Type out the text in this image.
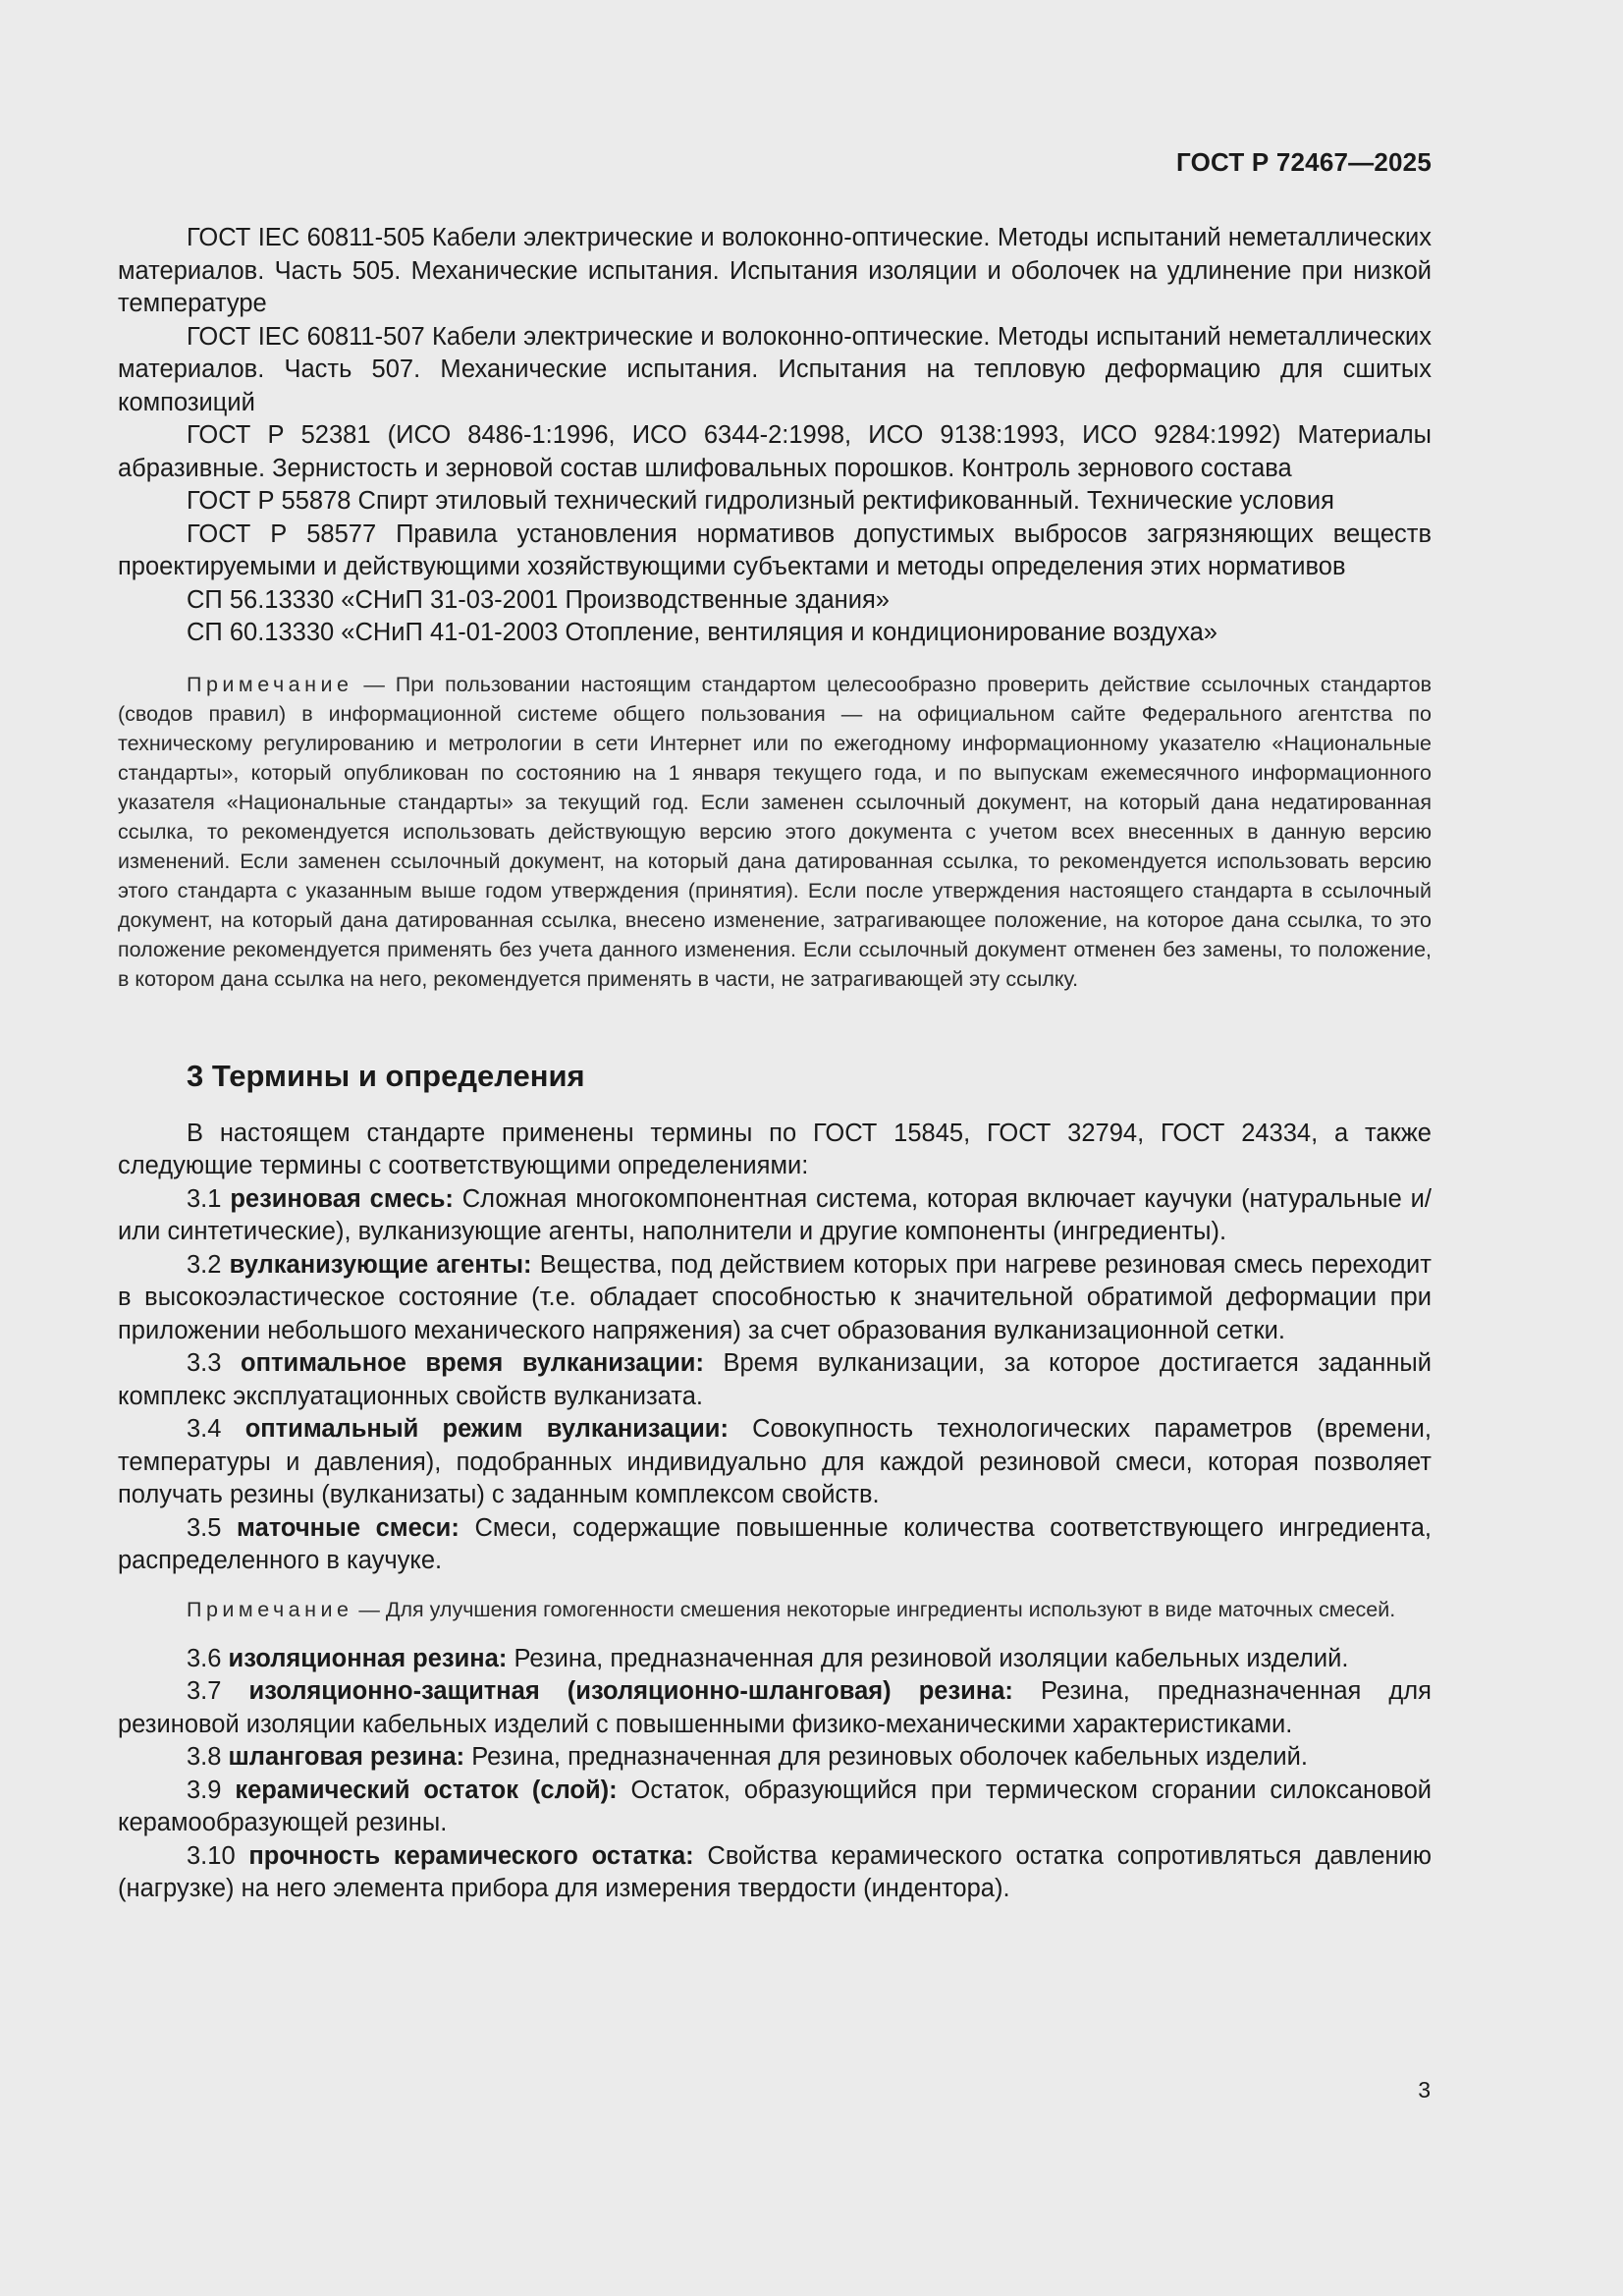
ГОСТ Р 72467—2025

ГОСТ IEC 60811-505 Кабели электрические и волоконно-оптические. Методы испытаний неметаллических материалов. Часть 505. Механические испытания. Испытания изоляции и оболочек на удлинение при низкой температуре

ГОСТ IEC 60811-507 Кабели электрические и волоконно-оптические. Методы испытаний неметаллических материалов. Часть 507. Механические испытания. Испытания на тепловую деформацию для сшитых композиций

ГОСТ Р 52381 (ИСО 8486-1:1996, ИСО 6344-2:1998, ИСО 9138:1993, ИСО 9284:1992) Материалы абразивные. Зернистость и зерновой состав шлифовальных порошков. Контроль зернового состава

ГОСТ Р 55878 Спирт этиловый технический гидролизный ректификованный. Технические условия

ГОСТ Р 58577 Правила установления нормативов допустимых выбросов загрязняющих веществ проектируемыми и действующими хозяйствующими субъектами и методы определения этих нормативов

СП 56.13330 «СНиП 31-03-2001 Производственные здания»

СП 60.13330 «СНиП 41-01-2003 Отопление, вентиляция и кондиционирование воздуха»

Примечание — При пользовании настоящим стандартом целесообразно проверить действие ссылочных стандартов (сводов правил) в информационной системе общего пользования — на официальном сайте Федерального агентства по техническому регулированию и метрологии в сети Интернет или по ежегодному информационному указателю «Национальные стандарты», который опубликован по состоянию на 1 января текущего года, и по выпускам ежемесячного информационного указателя «Национальные стандарты» за текущий год. Если заменен ссылочный документ, на который дана недатированная ссылка, то рекомендуется использовать действующую версию этого документа с учетом всех внесенных в данную версию изменений. Если заменен ссылочный документ, на который дана датированная ссылка, то рекомендуется использовать версию этого стандарта с указанным выше годом утверждения (принятия). Если после утверждения настоящего стандарта в ссылочный документ, на который дана датированная ссылка, внесено изменение, затрагивающее положение, на которое дана ссылка, то это положение рекомендуется применять без учета данного изменения. Если ссылочный документ отменен без замены, то положение, в котором дана ссылка на него, рекомендуется применять в части, не затрагивающей эту ссылку.

3 Термины и определения

В настоящем стандарте применены термины по ГОСТ 15845, ГОСТ 32794, ГОСТ 24334, а также следующие термины с соответствующими определениями:

3.1 резиновая смесь: Сложная многокомпонентная система, которая включает каучуки (натуральные и/или синтетические), вулканизующие агенты, наполнители и другие компоненты (ингредиенты).

3.2 вулканизующие агенты: Вещества, под действием которых при нагреве резиновая смесь переходит в высокоэластическое состояние (т.е. обладает способностью к значительной обратимой деформации при приложении небольшого механического напряжения) за счет образования вулканизационной сетки.

3.3 оптимальное время вулканизации: Время вулканизации, за которое достигается заданный комплекс эксплуатационных свойств вулканизата.

3.4 оптимальный режим вулканизации: Совокупность технологических параметров (времени, температуры и давления), подобранных индивидуально для каждой резиновой смеси, которая позволяет получать резины (вулканизаты) с заданным комплексом свойств.

3.5 маточные смеси: Смеси, содержащие повышенные количества соответствующего ингредиента, распределенного в каучуке.

Примечание — Для улучшения гомогенности смешения некоторые ингредиенты используют в виде маточных смесей.

3.6 изоляционная резина: Резина, предназначенная для резиновой изоляции кабельных изделий.

3.7 изоляционно-защитная (изоляционно-шланговая) резина: Резина, предназначенная для резиновой изоляции кабельных изделий с повышенными физико-механическими характеристиками.

3.8 шланговая резина: Резина, предназначенная для резиновых оболочек кабельных изделий.

3.9 керамический остаток (слой): Остаток, образующийся при термическом сгорании силоксановой керамообразующей резины.

3.10 прочность керамического остатка: Свойства керамического остатка сопротивляться давлению (нагрузке) на него элемента прибора для измерения твердости (индентора).

3
